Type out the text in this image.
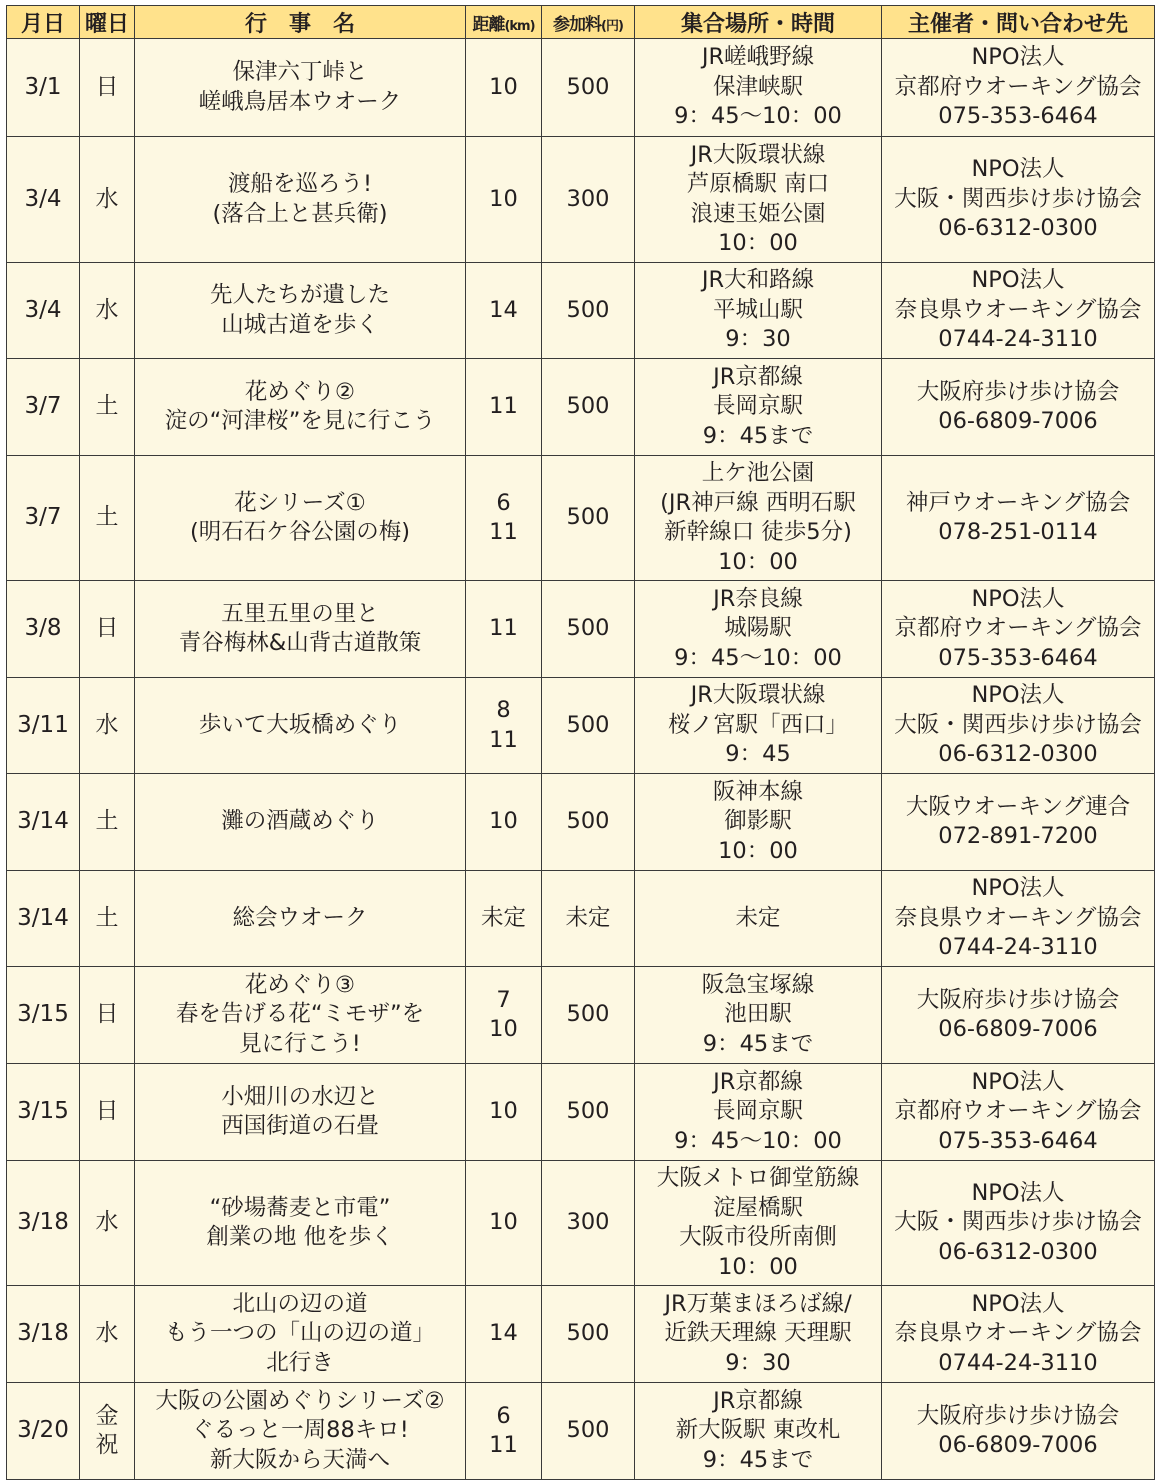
月日	曜日	行事名	距離(km)	参加料(円)	集合場所・時間	主催者・問い合わせ先
3/1	日	保津六丁峠と
嵯峨鳥居本ウオーク	10	500	JR嵯峨野線
保津峡駅
9：45〜10：00	NPO法人
京都府ウオーキング協会
075-353-6464

3/4	水	渡船を巡ろう!
(落合上と甚兵衛)	10	300	JR大阪環状線
芦原橋駅 南口
浪速玉姫公園
10：00	NPO法人
大阪・関西歩け歩け協会
06-6312-0300

3/4	水	先人たちが遺した
山城古道を歩く	14	500	JR大和路線
平城山駅
9：30	NPO法人
奈良県ウオーキング協会
0744-24-3110

3/7	土	花めぐり②
淀の“河津桜”を見に行こう	11	500	JR京都線
長岡京駅
9：45まで	大阪府歩け歩け協会
06-6809-7006

3/7	土	花シリーズ①
(明石石ケ谷公園の梅)	6
11	500	上ケ池公園
(JR神戸線 西明石駅
新幹線口 徒歩5分)
10：00	神戸ウオーキング協会
078-251-0114

3/8	日	五里五里の里と
青谷梅林&山背古道散策	11	500	JR奈良線
城陽駅
9：45〜10：00	NPO法人
京都府ウオーキング協会
075-353-6464

3/11	水	歩いて大坂橋めぐり	8
11	500	JR大阪環状線
桜ノ宮駅「西口」
9：45	NPO法人
大阪・関西歩け歩け協会
06-6312-0300

3/14	土	灘の酒蔵めぐり	10	500	阪神本線
御影駅
10：00	大阪ウオーキング連合
072-891-7200

3/14	土	総会ウオーク	未定	未定	未定	NPO法人
奈良県ウオーキング協会
0744-24-3110

3/15	日	花めぐり③
春を告げる花“ミモザ”を
見に行こう!	7
10	500	阪急宝塚線
池田駅
9：45まで	大阪府歩け歩け協会
06-6809-7006

3/15	日	小畑川の水辺と
西国街道の石畳	10	500	JR京都線
長岡京駅
9：45〜10：00	NPO法人
京都府ウオーキング協会
075-353-6464

3/18	水	“砂場蕎麦と市電”
創業の地 他を歩く	10	300	大阪メトロ御堂筋線
淀屋橋駅
大阪市役所南側
10：00	NPO法人
大阪・関西歩け歩け協会
06-6312-0300

3/18	水	北山の辺の道
もう一つの「山の辺の道」
北行き	14	500	JR万葉まほろば線/
近鉄天理線 天理駅
9：30	NPO法人
奈良県ウオーキング協会
0744-24-3110

3/20	金
祝	大阪の公園めぐりシリーズ②
ぐるっと一周88キロ!
新大阪から天満へ	6
11	500	JR京都線
新大阪駅 東改札
9：45まで	大阪府歩け歩け協会
06-6809-7006
